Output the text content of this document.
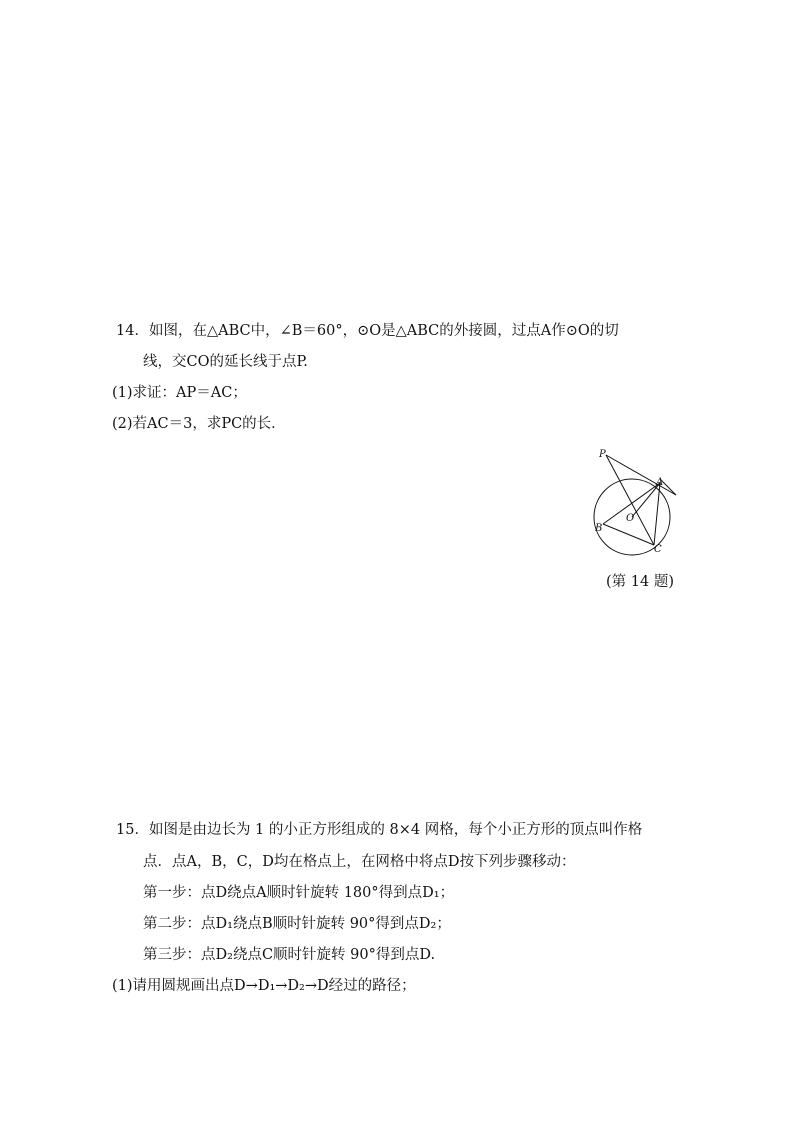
14．如图，在△ABC中，∠B＝60°，⊙O是△ABC的外接圆，过点A作⊙O的切
线，交CO的延长线于点P.
(1)求证：AP＝AC；
(2)若AC＝3，求PC的长．
P
A
B
O
C
(第 14 题)
15．如图是由边长为 1 的小正方形组成的 8×4 网格，每个小正方形的顶点叫作格
点．点A，B，C，D均在格点上，在网格中将点D按下列步骤移动：
第一步：点D绕点A顺时针旋转 180°得到点D₁；
第二步：点D₁绕点B顺时针旋转 90°得到点D₂；
第三步：点D₂绕点C顺时针旋转 90°得到点D.
(1)请用圆规画出点D→D₁→D₂→D经过的路径；
